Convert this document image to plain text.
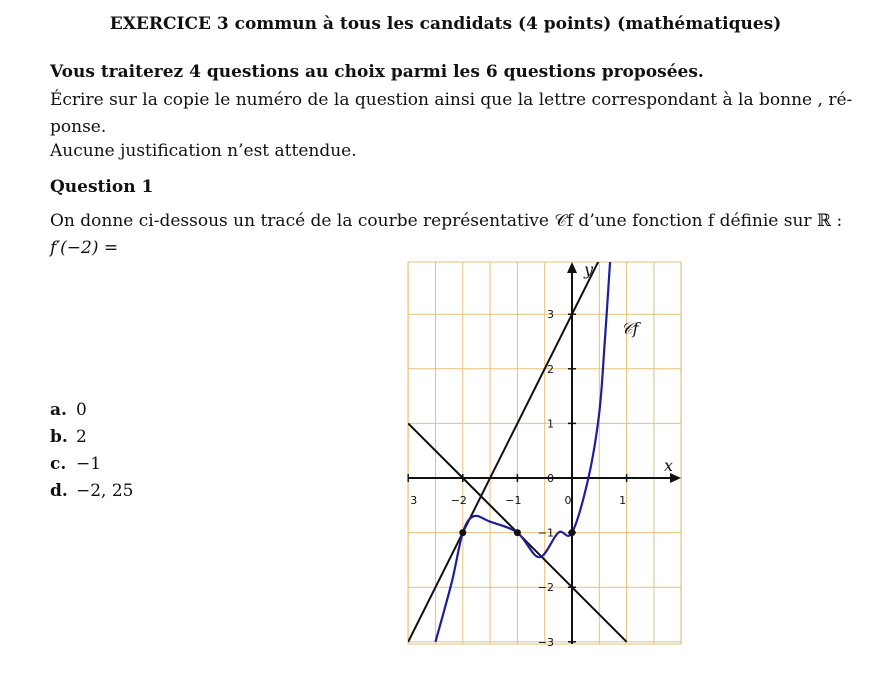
EXERCICE 3 commun à tous les candidats (4 points) (mathématiques)
Vous traiterez 4 questions au choix parmi les 6 questions proposées.
Écrire sur la copie le numéro de la question ainsi que la lettre correspondant à la bonne , ré-
ponse.
Aucune justification n’est attendue.
Question 1
On donne ci-dessous un tracé de la courbe représentative 𝒞f d’une fonction f définie sur ℝ :
f′(−2) =
a. 0
b. 2
c. −1
d. −2, 25	3	−2	−1	0	1
3
2
1
0
−1
−2
−3
x
y
𝒞f
